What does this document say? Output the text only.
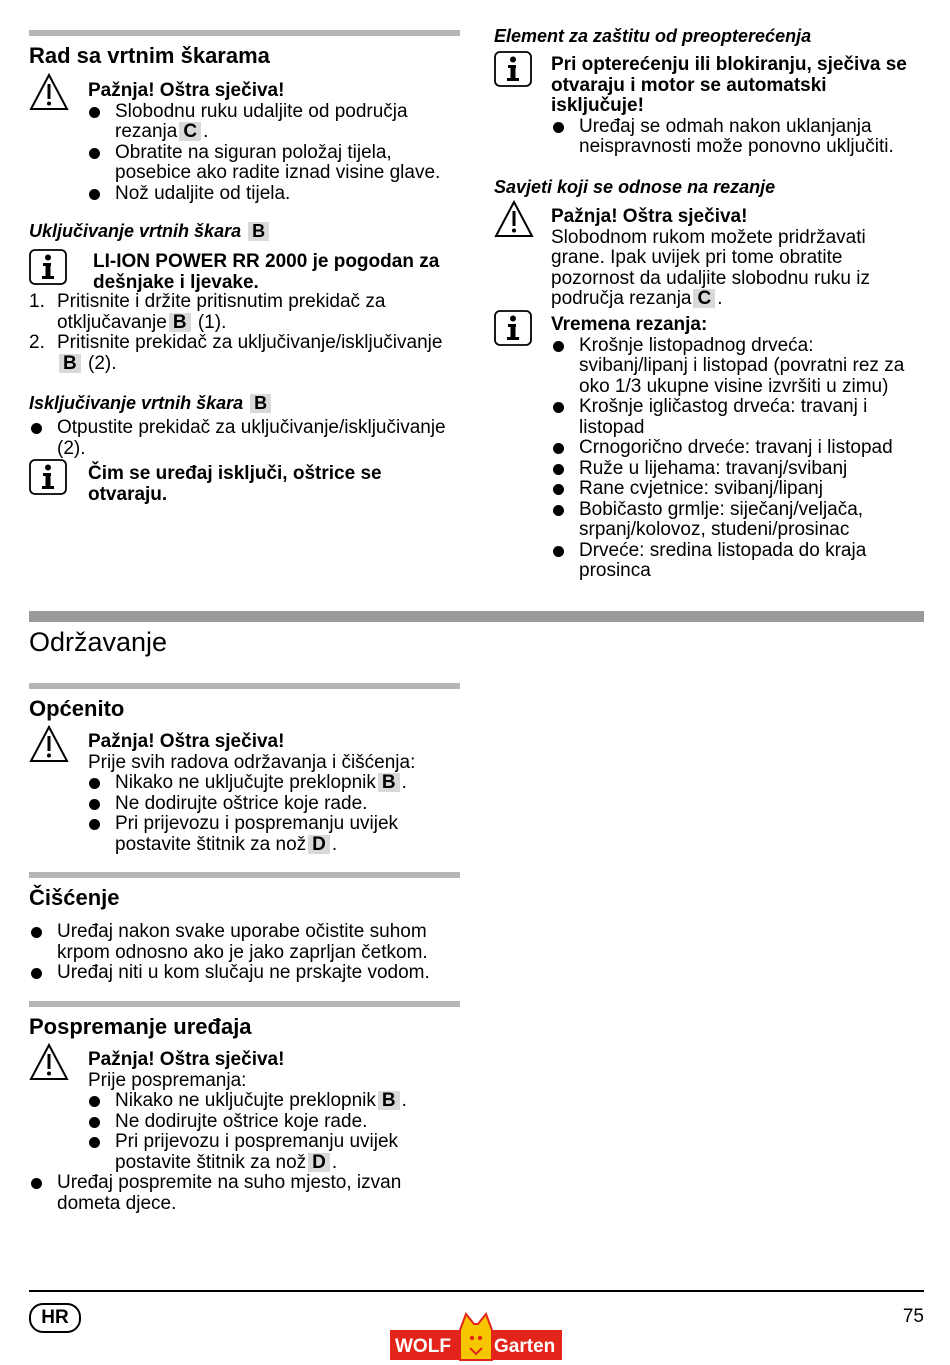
Rad sa vrtnim škarama
Pažnja! Oštra sječiva!
Slobodnu ruku udaljite od područja rezanja C .
Obratite na siguran položaj tijela, posebice ako radite iznad visine glave.
Nož udaljite od tijela.
Uključivanje vrtnih škara B
LI-ION POWER RR 2000 je pogodan za dešnjake i ljevake.
1. Pritisnite i držite pritisnutim prekidač za otključavanje B (1).
2. Pritisnite prekidač za uključivanje/isključivanjeB (2).
Isključivanje vrtnih škara B
Otpustite prekidač za uključivanje/isključivanje (2).
Čim se uređaj isključi, oštrice se otvaraju.
Element za zaštitu od preopterećenja
Pri opterećenju ili blokiranju, sječiva se otvaraju i motor se automatski isključuje!
Uređaj se odmah nakon uklanjanja neispravnosti može ponovno uključiti.
Savjeti koji se odnose na rezanje
Pažnja! Oštra sječiva!
Slobodnom rukom možete pridržavati grane. Ipak uvijek pri tome obratite pozornost da udaljite slobodnu ruku iz područja rezanja C .
Vremena rezanja:
Krošnje listopadnog drveća: svibanj/lipanj i listopad (povratni rez za oko 1/3 ukupne visine izvršiti u zimu)
Krošnje igličastog drveća: travanj i listopad
Crnogorično drveće: travanj i listopad
Ruže u lijehama: travanj/svibanj
Rane cvjetnice: svibanj/lipanj
Bobičasto grmlje: siječanj/veljača, srpanj/kolovoz, studeni/prosinac
Drveće: sredina listopada do kraja prosinca
Održavanje
Općenito
Pažnja! Oštra sječiva!
Prije svih radova održavanja i čišćenja:
Nikako ne uključujte preklopnik B .
Ne dodirujte oštrice koje rade.
Pri prijevozu i pospremanju uvijek postavite štitnik za nož D .
Čišćenje
Uređaj nakon svake uporabe očistite suhom krpom odnosno ako je jako zaprljan četkom.
Uređaj niti u kom slučaju ne prskajte vodom.
Pospremanje uređaja
Pažnja! Oštra sječiva!
Prije pospremanja:
Nikako ne uključujte preklopnik B .
Ne dodirujte oštrice koje rade.
Pri prijevozu i pospremanju uvijek postavite štitnik za nož D .
Uređaj pospremite na suho mjesto, izvan dometa djece.
HR	75
WOLF Garten
